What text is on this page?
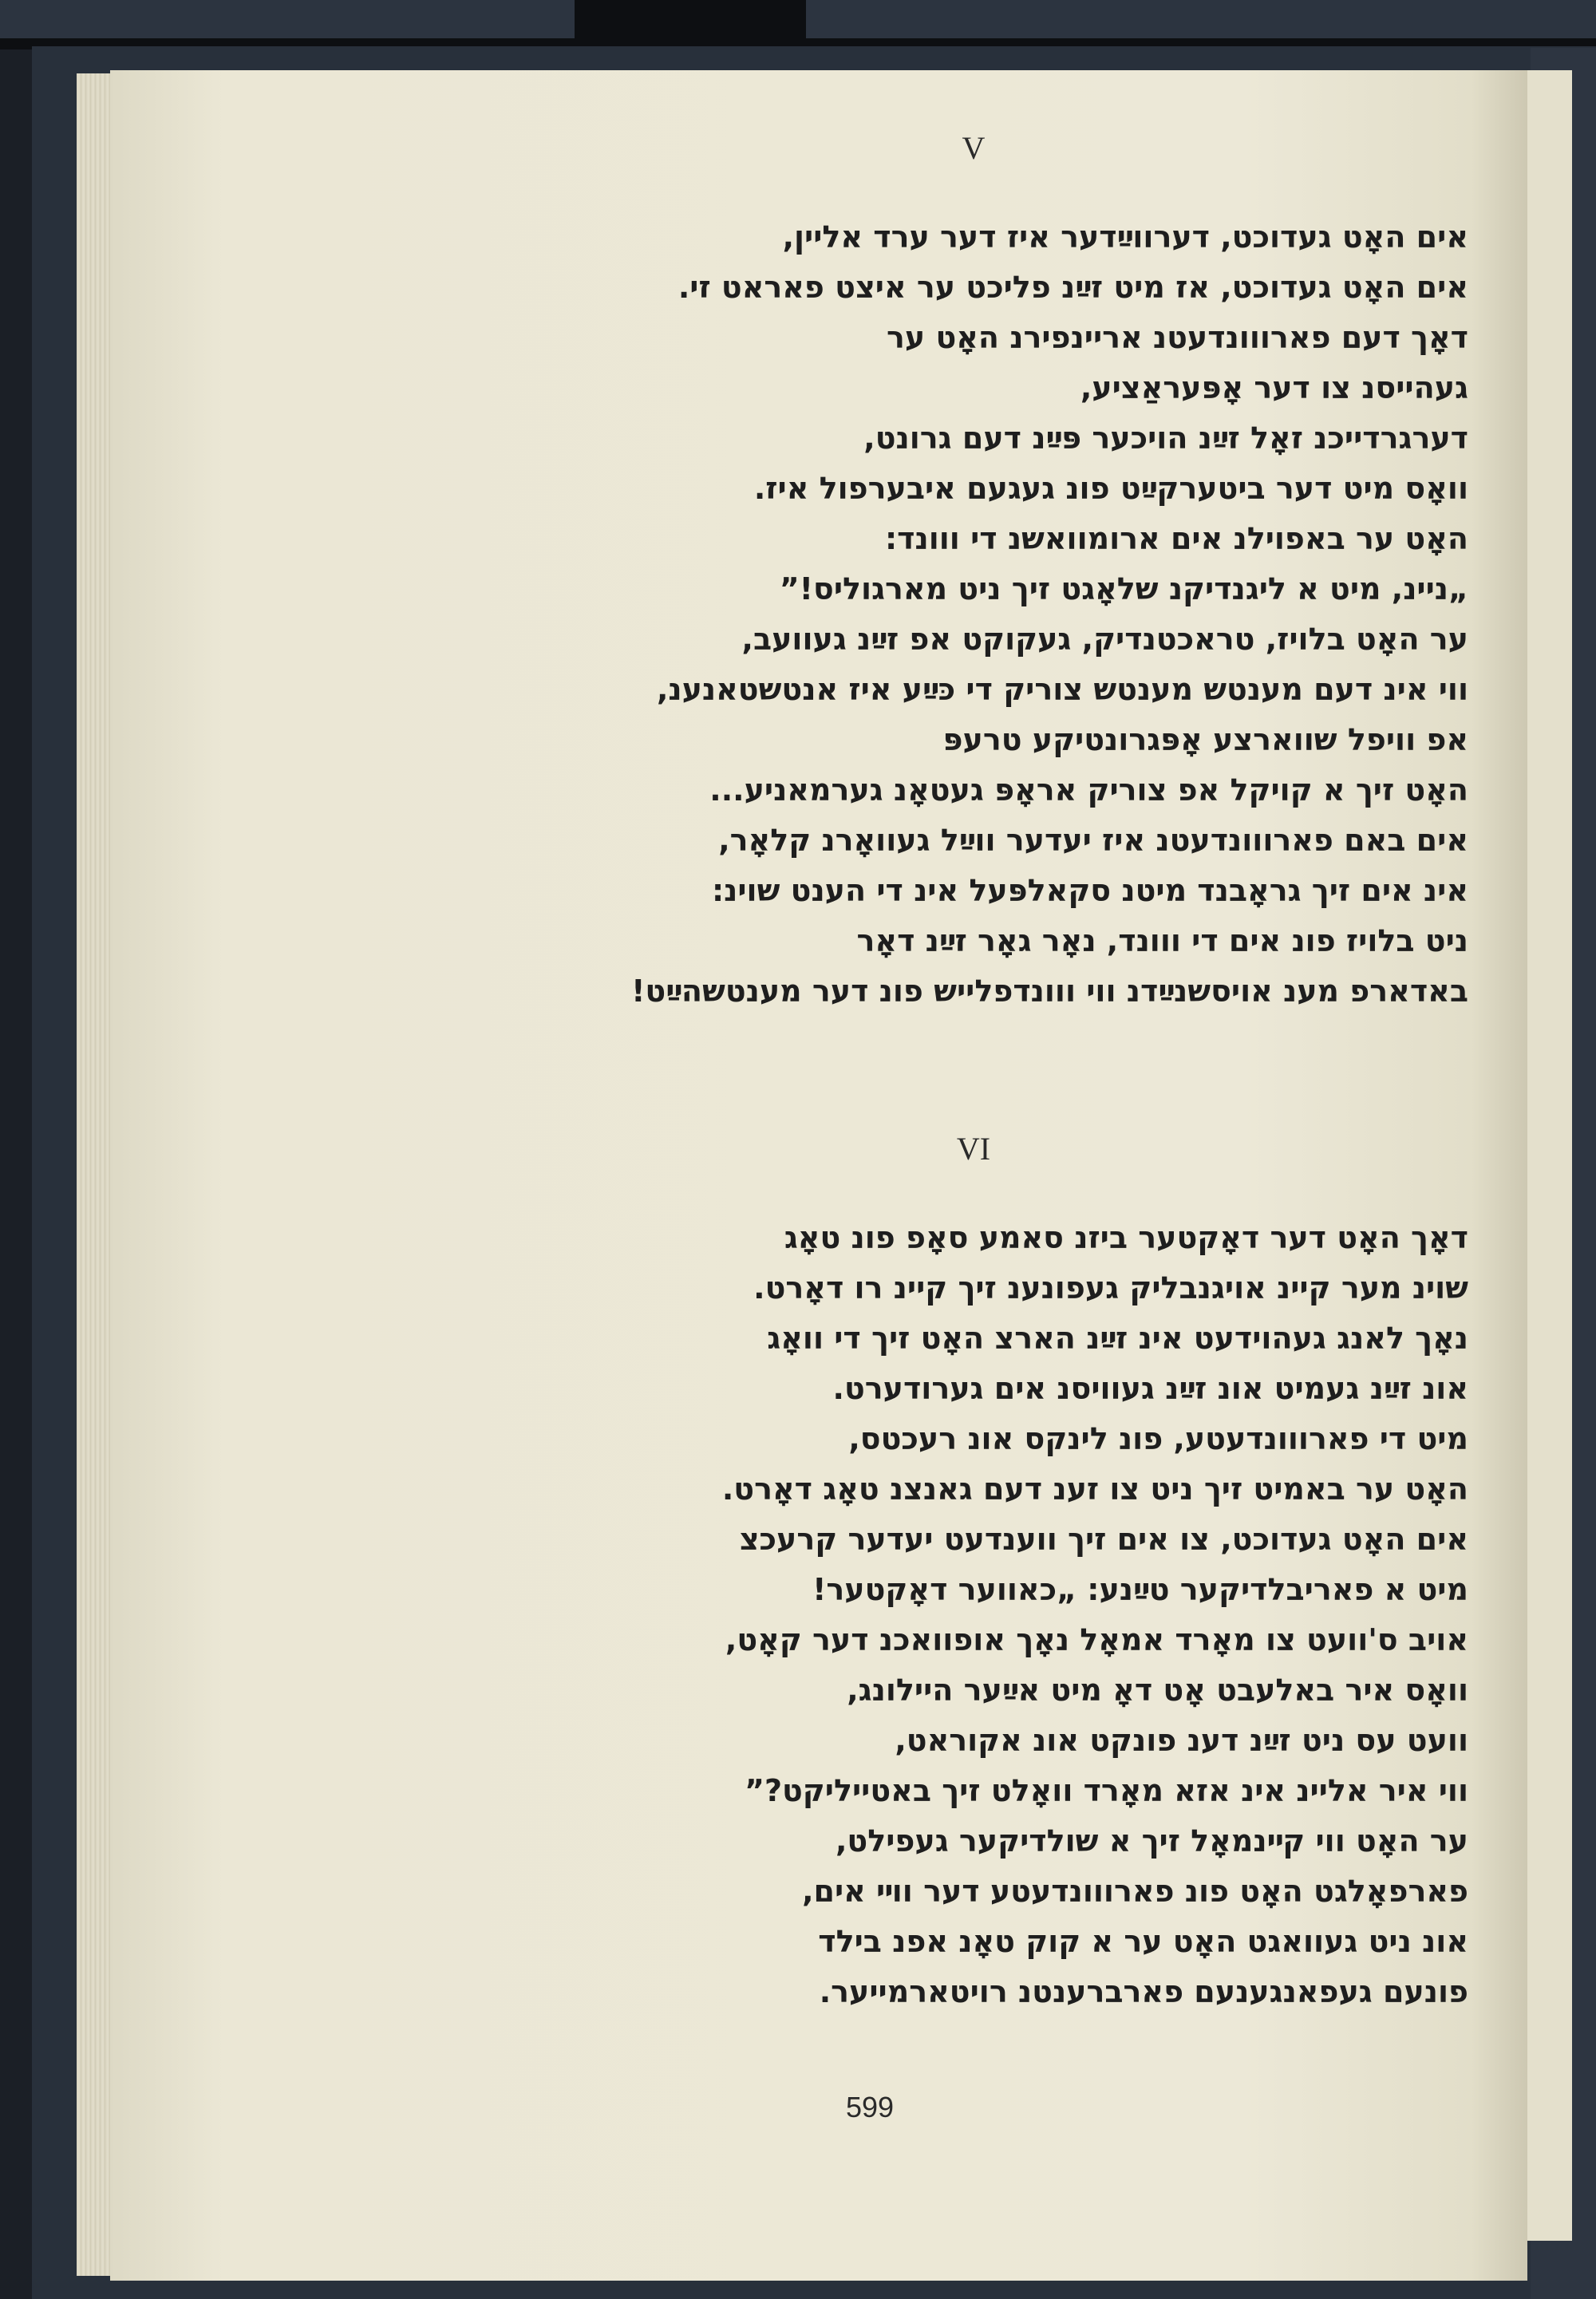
V
אים האָט געדוכט, דערווײַדער איז דער ערד אליין,
אים האָט געדוכט, אז מיט זײַנ פליכט ער איצט פאראט זי.
דאָך דעם פארווונדעטנ אריינפירנ האָט ער
געהייסנ צו דער אָפּעראַציע,
דערגרדייכנ זאָל זײַנ הויכער פּײַנ דעם גרונט,
וואָס מיט דער ביטערקײַט פונ געגעם איבערפול איז.
האָט ער באפוילנ אים ארומוואשנ די ווונד:
„ניינ, מיט א ליגנדיקנ שלאָגט זיך ניט מארגוליס!”
ער האָט בלויז, טראכטנדיק, געקוקט אפ זײַנ געוועב,
ווי אינ דעם מענטש מענטש צוריק די כּײַע איז אנטשטאנענ,
אפ וויפל שווארצע אָפּגרונטיקע טרעפּ
האָט זיך א קויקל אפ צוריק אראָפּ געטאָנ גערמאניע...
אים באם פארווונדעטנ איז יעדער ווײַל געוואָרנ קלאָר,
אינ אים זיך גראָבנד מיטנ סקאלפּעל אינ די הענט שוינ:
ניט בלויז פונ אים די ווונד, נאָר גאָר זײַנ דאָר
באדארפ מענ אויסשנײַדנ ווי ווונדפלייש פונ דער מענטשהײַט!
VI
דאָך האָט דער דאָקטער ביזנ סאמע סאָפ פונ טאָג
שוינ מער קיינ אויגנבליק געפונענ זיך קיינ רו דאָרט.
נאָך לאנג געהוידעט אינ זײַנ הארצ האָט זיך די וואָג
אונ זײַנ געמיט אונ זײַנ געוויסנ אים גערודערט.
מיט די פארווונדעטע, פונ לינקס אונ רעכטס,
האָט ער באמיט זיך ניט צו זענ דעם גאנצנ טאָג דאָרט.
אים האָט געדוכט, צו אים זיך ווענדעט יעדער קרעכצ
מיט א פאריבלדיקער טײַנע: „כאווער דאָקטער!
אויב ס'וועט צו מאָרד אמאָל נאָך אופוואכנ דער קאָט,
וואָס איר באלעבט אָט דאָ מיט אײַער היילונג,
וועט עס ניט זײַנ דענ פונקט אונ אקוראט,
ווי איר אליינ אינ אזא מאָרד וואָלט זיך באטייליקט?”
ער האָט ווי קײנמאָל זיך א שולדיקער געפילט,
פארפאָלגט האָט פונ פארווונדעטע דער ווײ אים,
אונ ניט געוואגט האָט ער א קוק טאָנ אפנ בילד
פונעם געפאנגענעם פארברענטנ רויטארמייער.
599
